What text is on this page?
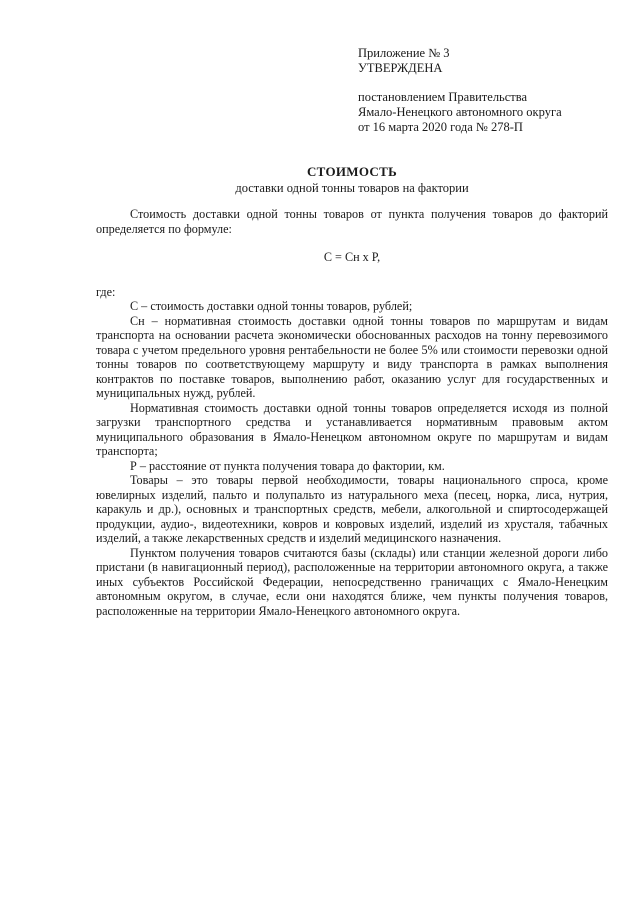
Приложение № 3
УТВЕРЖДЕНА
постановлением Правительства
Ямало-Ненецкого автономного округа
от 16 марта 2020 года № 278-П
СТОИМОСТЬ
доставки одной тонны товаров на фактории

Стоимость доставки одной тонны товаров от пункта получения товаров до факторий определяется по формуле:

С = Сн х Р,

где:

С – стоимость доставки одной тонны товаров, рублей;

Сн – нормативная стоимость доставки одной тонны товаров по маршрутам и видам транспорта на основании расчета экономически обоснованных расходов на тонну перевозимого товара с учетом предельного уровня рентабельности не более 5% или стоимости перевозки одной тонны товаров по соответствующему маршруту и виду транспорта в рамках выполнения контрактов по поставке товаров, выполнению работ, оказанию услуг для государственных и муниципальных нужд, рублей.

Нормативная стоимость доставки одной тонны товаров определяется исходя из полной загрузки транспортного средства и устанавливается нормативным правовым актом муниципального образования в Ямало-Ненецком автономном округе по маршрутам и видам транспорта;

Р – расстояние от пункта получения товара до фактории, км.

Товары – это товары первой необходимости, товары национального спроса, кроме ювелирных изделий, пальто и полупальто из натурального меха (песец, норка, лиса, нутрия, каракуль и др.), основных и транспортных средств, мебели, алкогольной и спиртосодержащей продукции, аудио-, видеотехники, ковров и ковровых изделий, изделий из хрусталя, табачных изделий, а также лекарственных средств и изделий медицинского назначения.

Пунктом получения товаров считаются базы (склады) или станции железной дороги либо пристани (в навигационный период), расположенные на территории автономного округа, а также иных субъектов Российской Федерации, непосредственно граничащих с Ямало-Ненецким автономным округом, в случае, если они находятся ближе, чем пункты получения товаров, расположенные на территории Ямало-Ненецкого автономного округа.
